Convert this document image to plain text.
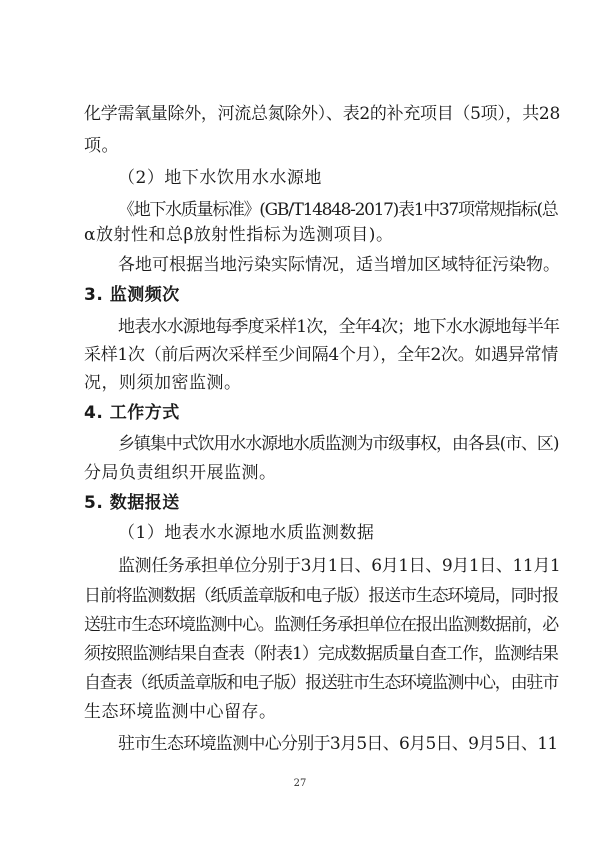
化学需氧量除外，河流总氮除外）、表2的补充项目（5项），共28
项。
（2）地下水饮用水水源地
《地下水质量标准》(GB/T14848-2017)表1中37项常规指标(总
α放射性和总β放射性指标为选测项目)。
各地可根据当地污染实际情况，适当增加区域特征污染物。
3. 监测频次
地表水水源地每季度采样1次，全年4次；地下水水源地每半年
采样1次（前后两次采样至少间隔4个月），全年2次。如遇异常情
况，则须加密监测。
4. 工作方式
乡镇集中式饮用水水源地水质监测为市级事权，由各县(市、区)
分局负责组织开展监测。
5. 数据报送
（1）地表水水源地水质监测数据
监测任务承担单位分别于3月1日、6月1日、9月1日、11月1
日前将监测数据（纸质盖章版和电子版）报送市生态环境局，同时报
送驻市生态环境监测中心。监测任务承担单位在报出监测数据前，必
须按照监测结果自查表（附表1）完成数据质量自查工作，监测结果
自查表（纸质盖章版和电子版）报送驻市生态环境监测中心，由驻市
生态环境监测中心留存。
驻市生态环境监测中心分别于3月5日、6月5日、9月5日、11
27
